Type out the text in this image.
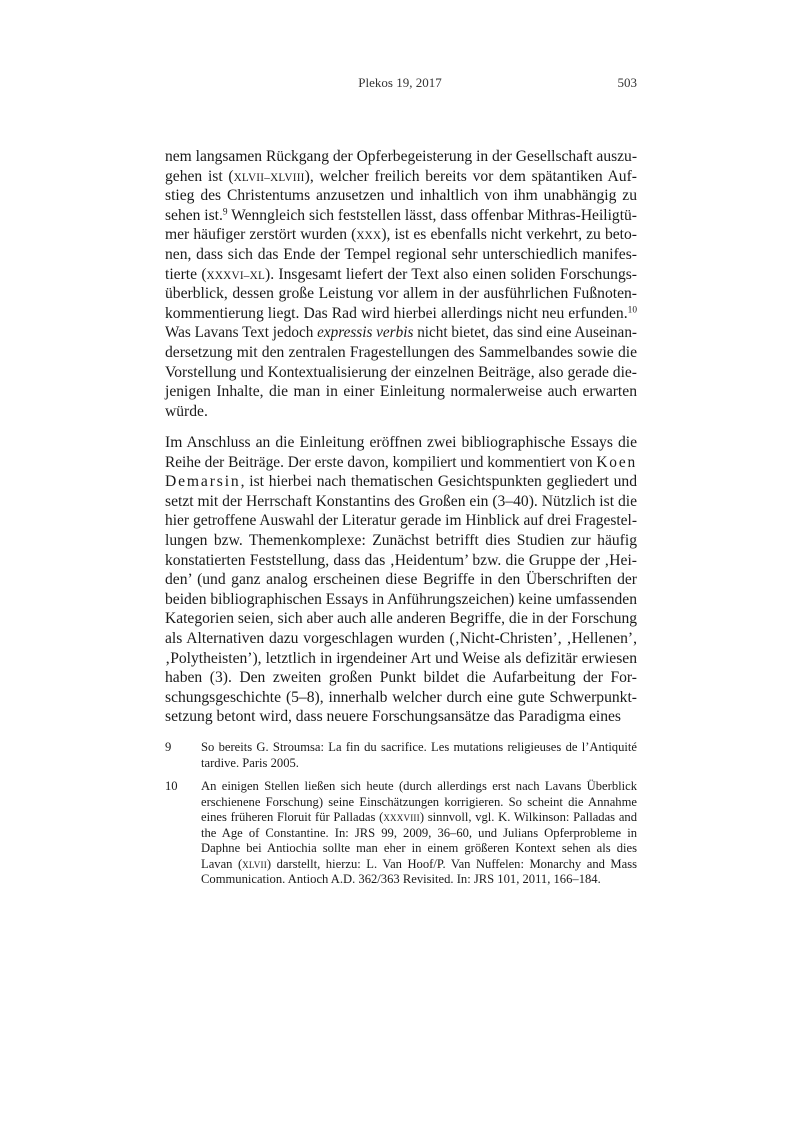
Plekos 19, 2017	503
nem langsamen Rückgang der Opferbegeisterung in der Gesellschaft auszu-
gehen ist (XLVII–XLVIII), welcher freilich bereits vor dem spätantiken Auf-
stieg des Christentums anzusetzen und inhaltlich von ihm unabhängig zu
sehen ist.$^9$ Wenngleich sich feststellen lässt, dass offenbar Mithras-Heiligtü-
mer häufiger zerstört wurden (XXX), ist es ebenfalls nicht verkehrt, zu beto-
nen, dass sich das Ende der Tempel regional sehr unterschiedlich manifes-
tierte (XXXVI–XL). Insgesamt liefert der Text also einen soliden Forschungs-
überblick, dessen große Leistung vor allem in der ausführlichen Fußnoten-
kommentierung liegt. Das Rad wird hierbei allerdings nicht neu erfunden.$^{10}$
Was Lavans Text jedoch expressis verbis nicht bietet, das sind eine Auseinan-
dersetzung mit den zentralen Fragestellungen des Sammelbandes sowie die
Vorstellung und Kontextualisierung der einzelnen Beiträge, also gerade die-
jenigen Inhalte, die man in einer Einleitung normalerweise auch erwarten
würde.
Im Anschluss an die Einleitung eröffnen zwei bibliographische Essays die
Reihe der Beiträge. Der erste davon, kompiliert und kommentiert von Koen
Demarsin, ist hierbei nach thematischen Gesichtspunkten gegliedert und
setzt mit der Herrschaft Konstantins des Großen ein (3–40). Nützlich ist die
hier getroffene Auswahl der Literatur gerade im Hinblick auf drei Fragestel-
lungen bzw. Themenkomplexe: Zunächst betrifft dies Studien zur häufig
konstatierten Feststellung, dass das ‚Heidentum’ bzw. die Gruppe der ‚Hei-
den’ (und ganz analog erscheinen diese Begriffe in den Überschriften der
beiden bibliographischen Essays in Anführungszeichen) keine umfassenden
Kategorien seien, sich aber auch alle anderen Begriffe, die in der Forschung
als Alternativen dazu vorgeschlagen wurden (‚Nicht-Christen’, ‚Hellenen’,
‚Polytheisten’), letztlich in irgendeiner Art und Weise als defizitär erwiesen
haben (3). Den zweiten großen Punkt bildet die Aufarbeitung der For-
schungsgeschichte (5–8), innerhalb welcher durch eine gute Schwerpunkt-
setzung betont wird, dass neuere Forschungsansätze das Paradigma eines
9 So bereits G. Stroumsa: La fin du sacrifice. Les mutations religieuses de l’Antiquité
tardive. Paris 2005.
10 An einigen Stellen ließen sich heute (durch allerdings erst nach Lavans Überblick
erschienene Forschung) seine Einschätzungen korrigieren. So scheint die Annahme
eines früheren Floruit für Palladas (XXXVIII) sinnvoll, vgl. K. Wilkinson: Palladas and
the Age of Constantine. In: JRS 99, 2009, 36–60, und Julians Opferprobleme in
Daphne bei Antiochia sollte man eher in einem größeren Kontext sehen als dies
Lavan (XLVII) darstellt, hierzu: L. Van Hoof/P. Van Nuffelen: Monarchy and Mass
Communication. Antioch A.D. 362/363 Revisited. In: JRS 101, 2011, 166–184.
